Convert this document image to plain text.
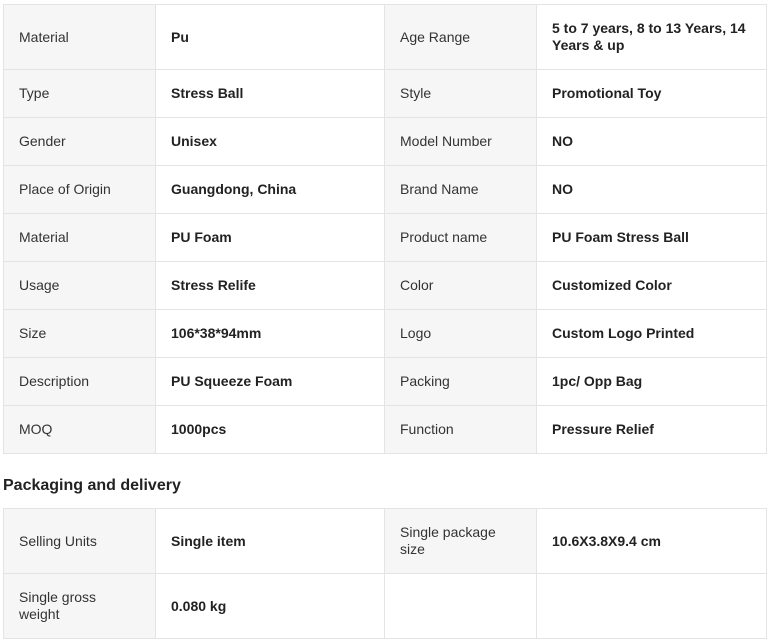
Material	Pu	Age Range	5 to 7 years, 8 to 13 Years, 14 Years & up
Type	Stress Ball	Style	Promotional Toy
Gender	Unisex	Model Number	NO
Place of Origin	Guangdong, China	Brand Name	NO
Material	PU Foam	Product name	PU Foam Stress Ball
Usage	Stress Relife	Color	Customized Color
Size	106*38*94mm	Logo	Custom Logo Printed
Description	PU Squeeze Foam	Packing	1pc/ Opp Bag
MOQ	1000pcs	Function	Pressure Relief
Packaging and delivery
Selling Units	Single item	Single package size	10.6X3.8X9.4 cm
Single gross weight	0.080 kg		
